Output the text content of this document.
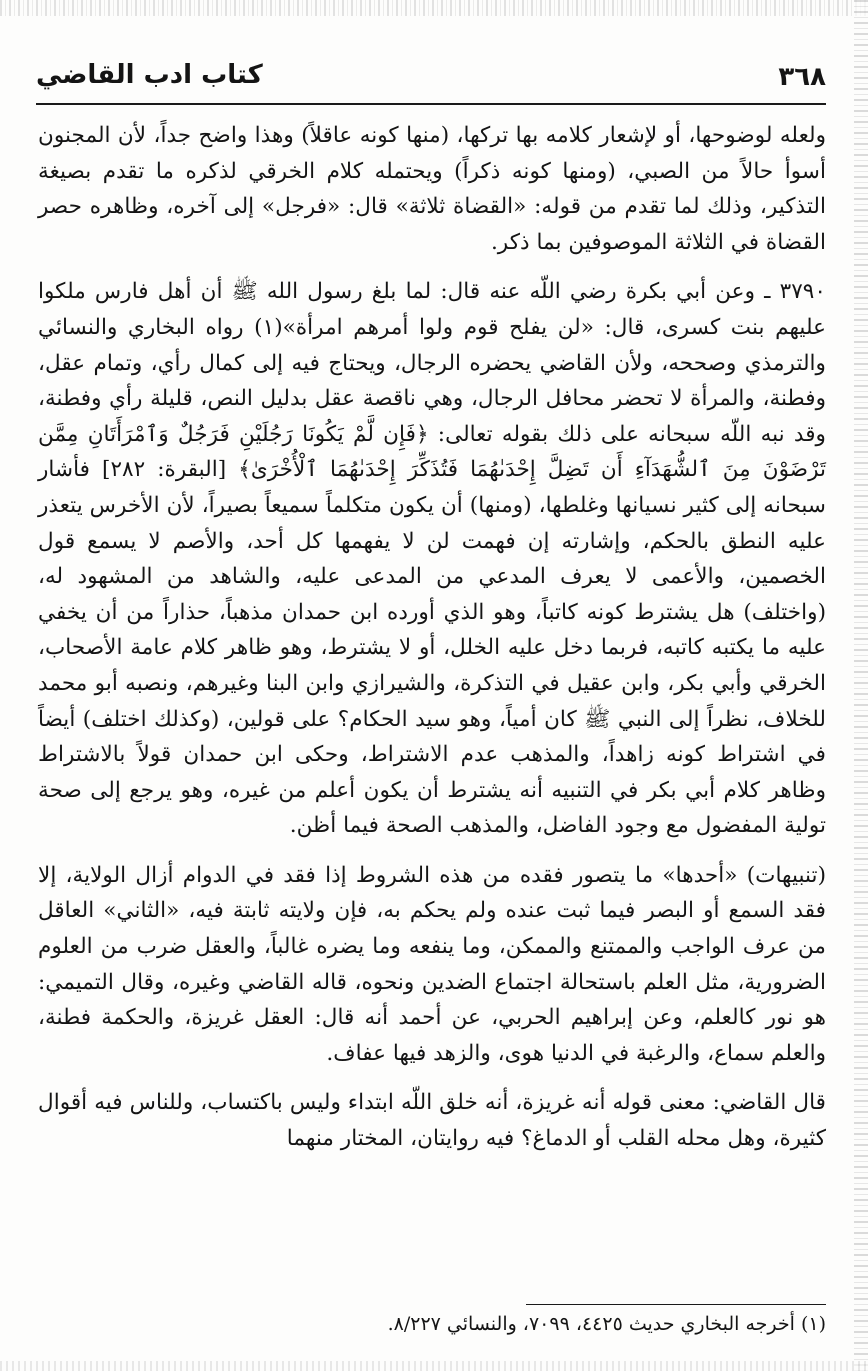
٣٦٨
كتاب ادب القاضي

ولعله لوضوحها، أو لإشعار كلامه بها تركها، (منها كونه عاقلاً) وهذا واضح جداً، لأن المجنون أسوأ حالاً من الصبي، (ومنها كونه ذكراً) ويحتمله كلام الخرقي لذكره ما تقدم بصيغة التذكير، وذلك لما تقدم من قوله: «القضاة ثلاثة» قال: «فرجل» إلى آخره، وظاهره حصر القضاة في الثلاثة الموصوفين بما ذكر.

٣٧٩٠ ـ وعن أبي بكرة رضي اللّه عنه قال: لما بلغ رسول الله ﷺ أن أهل فارس ملكوا عليهم بنت كسرى، قال: «لن يفلح قوم ولوا أمرهم امرأة»(١) رواه البخاري والنسائي والترمذي وصححه، ولأن القاضي يحضره الرجال، ويحتاج فيه إلى كمال رأي، وتمام عقل، وفطنة، والمرأة لا تحضر محافل الرجال، وهي ناقصة عقل بدليل النص، قليلة رأي وفطنة، وقد نبه اللّه سبحانه على ذلك بقوله تعالى: ﴿فَإِن لَّمْ يَكُونَا رَجُلَيْنِ فَرَجُلٌ وَٱمْرَأَتَانِ مِمَّن تَرْضَوْنَ مِنَ ٱلشُّهَدَآءِ أَن تَضِلَّ إِحْدَىٰهُمَا فَتُذَكِّرَ إِحْدَىٰهُمَا ٱلْأُخْرَىٰ﴾ [البقرة: ٢٨٢] فأشار سبحانه إلى كثير نسيانها وغلطها، (ومنها) أن يكون متكلماً سميعاً بصيراً، لأن الأخرس يتعذر عليه النطق بالحكم، وإشارته إن فهمت لن لا يفهمها كل أحد، والأصم لا يسمع قول الخصمين، والأعمى لا يعرف المدعي من المدعى عليه، والشاهد من المشهود له، (واختلف) هل يشترط كونه كاتباً، وهو الذي أورده ابن حمدان مذهباً، حذاراً من أن يخفي عليه ما يكتبه كاتبه، فربما دخل عليه الخلل، أو لا يشترط، وهو ظاهر كلام عامة الأصحاب، الخرقي وأبي بكر، وابن عقيل في التذكرة، والشيرازي وابن البنا وغيرهم، ونصبه أبو محمد للخلاف، نظراً إلى النبي ﷺ كان أمياً، وهو سيد الحكام؟ على قولين، (وكذلك اختلف) أيضاً في اشتراط كونه زاهداً، والمذهب عدم الاشتراط، وحكى ابن حمدان قولاً بالاشتراط وظاهر كلام أبي بكر في التنبيه أنه يشترط أن يكون أعلم من غيره، وهو يرجع إلى صحة تولية المفضول مع وجود الفاضل، والمذهب الصحة فيما أظن.

(تنبيهات) «أحدها» ما يتصور فقده من هذه الشروط إذا فقد في الدوام أزال الولاية، إلا فقد السمع أو البصر فيما ثبت عنده ولم يحكم به، فإن ولايته ثابتة فيه، «الثاني» العاقل من عرف الواجب والممتنع والممكن، وما ينفعه وما يضره غالباً، والعقل ضرب من العلوم الضرورية، مثل العلم باستحالة اجتماع الضدين ونحوه، قاله القاضي وغيره، وقال التميمي: هو نور كالعلم، وعن إبراهيم الحربي، عن أحمد أنه قال: العقل غريزة، والحكمة فطنة، والعلم سماع، والرغبة في الدنيا هوى، والزهد فيها عفاف.

قال القاضي: معنى قوله أنه غريزة، أنه خلق اللّه ابتداء وليس باكتساب، وللناس فيه أقوال كثيرة، وهل محله القلب أو الدماغ؟ فيه روايتان، المختار منهما

(١) أخرجه البخاري حديث ٤٤٢٥، ٧٠٩٩، والنسائي ٨/٢٢٧.
